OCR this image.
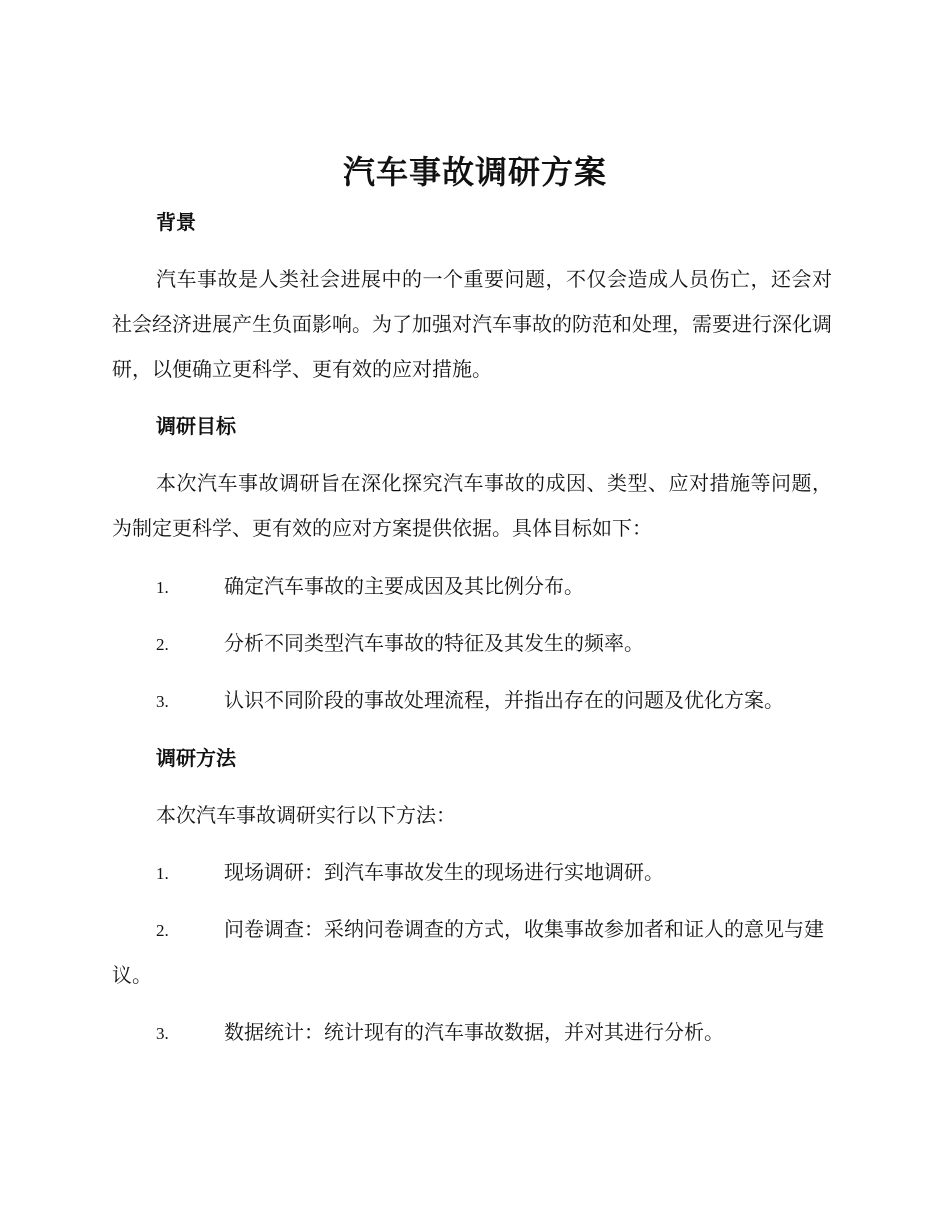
汽车事故调研方案
背景

汽车事故是人类社会进展中的一个重要问题，不仅会造成人员伤亡，还会对社会经济进展产生负面影响。为了加强对汽车事故的防范和处理，需要进行深化调研，以便确立更科学、更有效的应对措施。

调研目标

本次汽车事故调研旨在深化探究汽车事故的成因、类型、应对措施等问题，为制定更科学、更有效的应对方案提供依据。具体目标如下：

1.	确定汽车事故的主要成因及其比例分布。
2.	分析不同类型汽车事故的特征及其发生的频率。
3.	认识不同阶段的事故处理流程，并指出存在的问题及优化方案。
调研方法

本次汽车事故调研实行以下方法：

1.	现场调研：到汽车事故发生的现场进行实地调研。
2.	问卷调查：采纳问卷调查的方式，收集事故参加者和证人的意见与建议。
3.	数据统计：统计现有的汽车事故数据，并对其进行分析。
